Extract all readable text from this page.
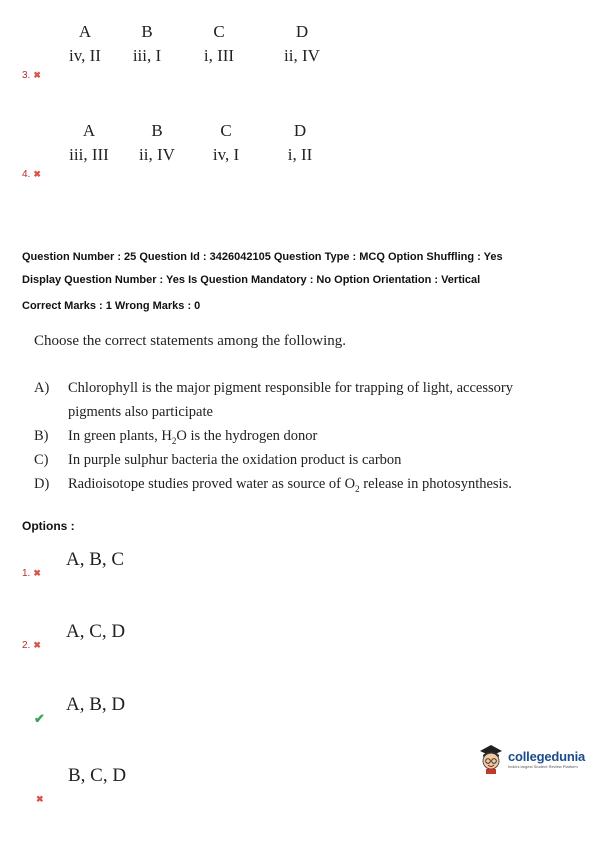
A	B	C	D
iv, II	iii, I	i, III	ii, IV
3. ✖
A	B	C	D
iii, III	ii, IV	iv, I	i, II
4. ✖
Question Number : 25 Question Id : 3426042105 Question Type : MCQ Option Shuffling : Yes
Display Question Number : Yes Is Question Mandatory : No Option Orientation : Vertical
Correct Marks : 1 Wrong Marks : 0
Choose the correct statements among the following.
A) Chlorophyll is the major pigment responsible for trapping of light, accessory
pigments also participate
B) In green plants, $H_2O$ is the hydrogen donor
C) In purple sulphur bacteria the oxidation product is carbon
D) Radioisotope studies proved water as source of $O_2$ release in photosynthesis.
Options :
A, B, C
1. ✖
A, C, D
2. ✖
A, B, D
✔
B, C, D
✖
collegedunia
India's largest Student Review Platform
